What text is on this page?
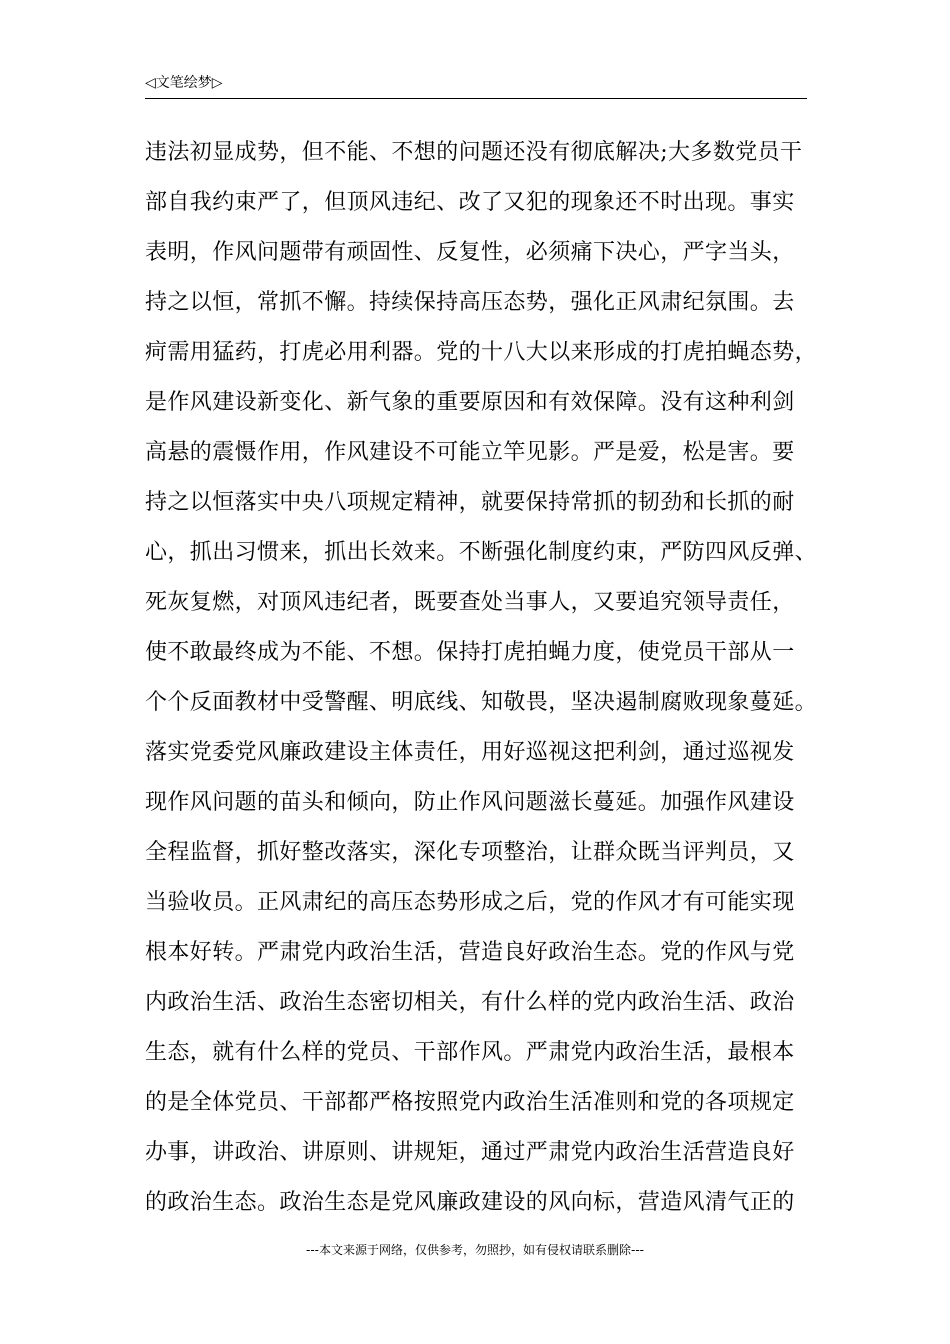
◁文笔绘梦▷
违法初显成势，但不能、不想的问题还没有彻底解决;大多数党员干
部自我约束严了，但顶风违纪、改了又犯的现象还不时出现。事实
表明，作风问题带有顽固性、反复性，必须痛下决心，严字当头，
持之以恒，常抓不懈。持续保持高压态势，强化正风肃纪氛围。去
疴需用猛药，打虎必用利器。党的十八大以来形成的打虎拍蝇态势，
是作风建设新变化、新气象的重要原因和有效保障。没有这种利剑
高悬的震慑作用，作风建设不可能立竿见影。严是爱，松是害。要
持之以恒落实中央八项规定精神，就要保持常抓的韧劲和长抓的耐
心，抓出习惯来，抓出长效来。不断强化制度约束，严防四风反弹、
死灰复燃，对顶风违纪者，既要查处当事人，又要追究领导责任，
使不敢最终成为不能、不想。保持打虎拍蝇力度，使党员干部从一
个个反面教材中受警醒、明底线、知敬畏，坚决遏制腐败现象蔓延。
落实党委党风廉政建设主体责任，用好巡视这把利剑，通过巡视发
现作风问题的苗头和倾向，防止作风问题滋长蔓延。加强作风建设
全程监督，抓好整改落实，深化专项整治，让群众既当评判员，又
当验收员。正风肃纪的高压态势形成之后，党的作风才有可能实现
根本好转。严肃党内政治生活，营造良好政治生态。党的作风与党
内政治生活、政治生态密切相关，有什么样的党内政治生活、政治
生态，就有什么样的党员、干部作风。严肃党内政治生活，最根本
的是全体党员、干部都严格按照党内政治生活准则和党的各项规定
办事，讲政治、讲原则、讲规矩，通过严肃党内政治生活营造良好
的政治生态。政治生态是党风廉政建设的风向标，营造风清气正的
---本文来源于网络，仅供参考，勿照抄，如有侵权请联系删除---
